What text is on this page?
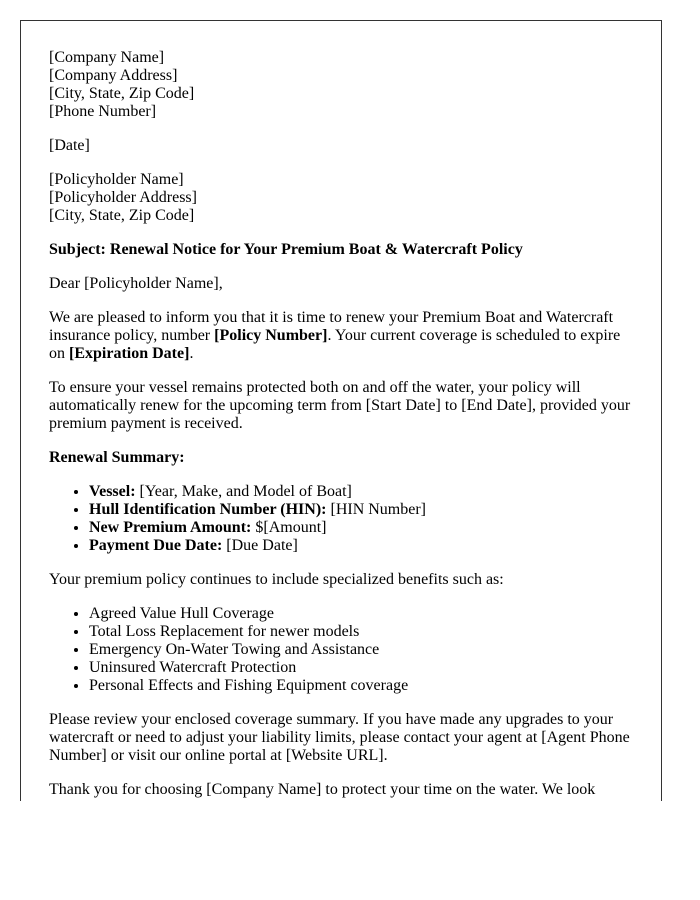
[Company Name]
[Company Address]
[City, State, Zip Code]
[Phone Number]
[Date]
[Policyholder Name]
[Policyholder Address]
[City, State, Zip Code]

Subject: Renewal Notice for Your Premium Boat & Watercraft Policy

Dear [Policyholder Name],

We are pleased to inform you that it is time to renew your Premium Boat and Watercraft insurance policy, number [Policy Number]. Your current coverage is scheduled to expire on [Expiration Date].

To ensure your vessel remains protected both on and off the water, your policy will automatically renew for the upcoming term from [Start Date] to [End Date], provided your premium payment is received.

Renewal Summary:

• Vessel: [Year, Make, and Model of Boat]
• Hull Identification Number (HIN): [HIN Number]
• New Premium Amount: $[Amount]
• Payment Due Date: [Due Date]

Your premium policy continues to include specialized benefits such as:

• Agreed Value Hull Coverage
• Total Loss Replacement for newer models
• Emergency On-Water Towing and Assistance
• Uninsured Watercraft Protection
• Personal Effects and Fishing Equipment coverage

Please review your enclosed coverage summary. If you have made any upgrades to your watercraft or need to adjust your liability limits, please contact your agent at [Agent Phone Number] or visit our online portal at [Website URL].

Thank you for choosing [Company Name] to protect your time on the water. We look
